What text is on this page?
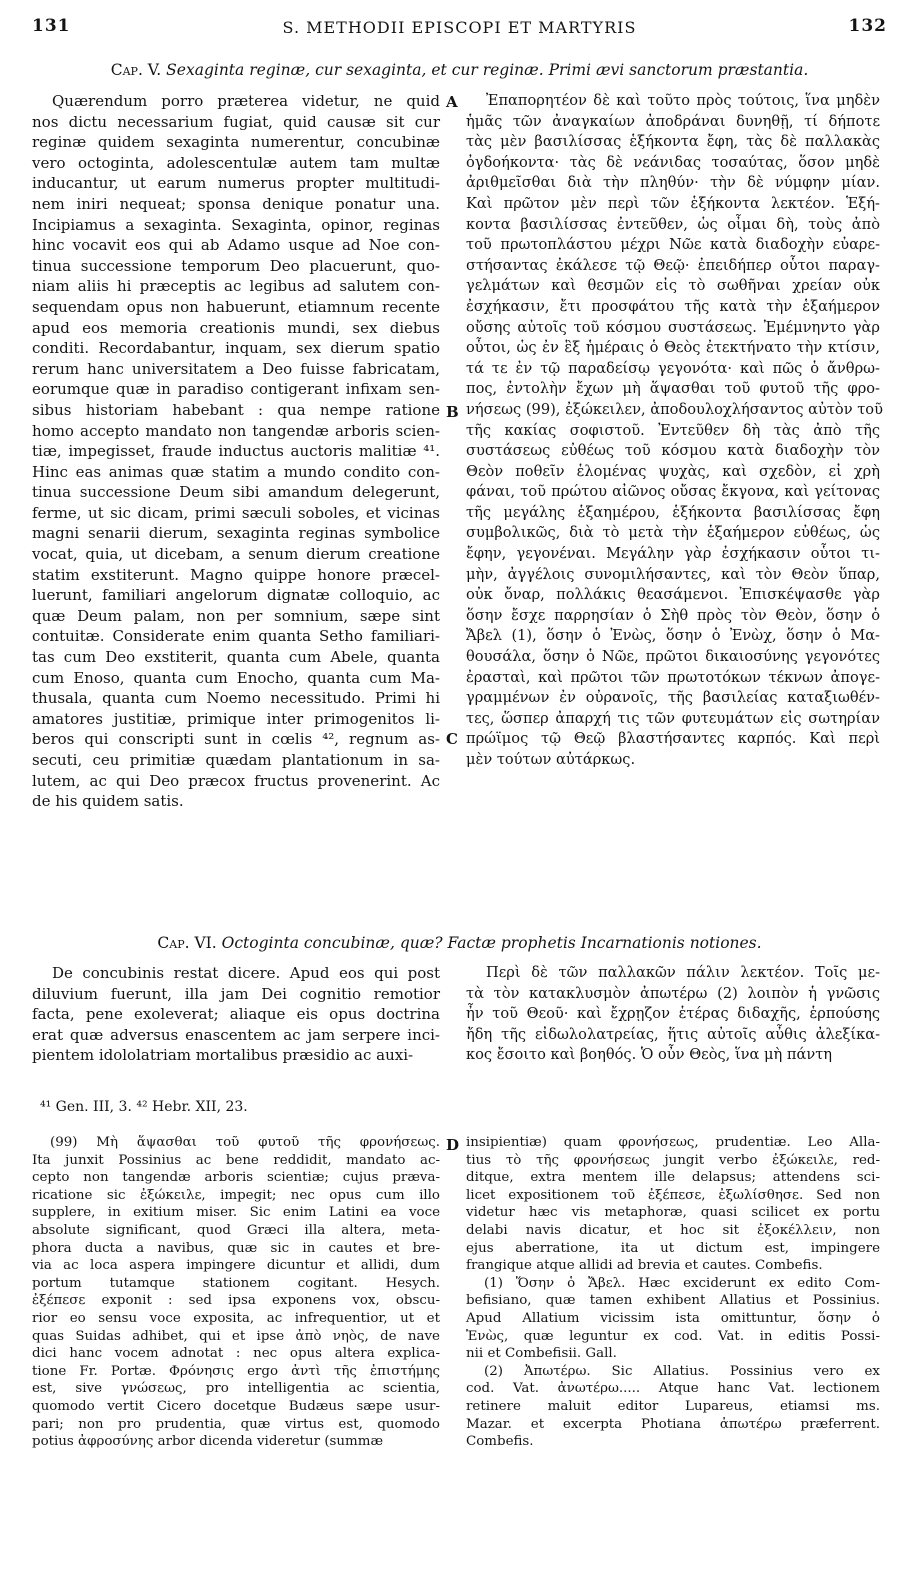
131	S. METHODII EPISCOPI ET MARTYRIS	132
Cap. V. Sexaginta reginæ, cur sexaginta, et cur reginæ. Primi ævi sanctorum præstantia.
Quærendum porro præterea videtur, ne quid
nos dictu necessarium fugiat, quid causæ sit cur
reginæ quidem sexaginta numerentur, concubinæ
vero octoginta, adolescentulæ autem tam multæ
inducantur, ut earum numerus propter multitudi-
nem iniri nequeat; sponsa denique ponatur una.
Incipiamus a sexaginta. Sexaginta, opinor, reginas
hinc vocavit eos qui ab Adamo usque ad Noe con-
tinua successione temporum Deo placuerunt, quo-
niam aliis hi præceptis ac legibus ad salutem con-
sequendam opus non habuerunt, etiamnum recente
apud eos memoria creationis mundi, sex diebus
conditi. Recordabantur, inquam, sex dierum spatio
rerum hanc universitatem a Deo fuisse fabricatam,
eorumque quæ in paradiso contigerant infixam sen-
sibus historiam habebant : qua nempe ratione
homo accepto mandato non tangendæ arboris scien-
tiæ, impegisset, fraude inductus auctoris malitiæ ⁴¹.
Hinc eas animas quæ statim a mundo condito con-
tinua successione Deum sibi amandum delegerunt,
ferme, ut sic dicam, primi sæculi soboles, et vicinas
magni senarii dierum, sexaginta reginas symbolice
vocat, quia, ut dicebam, a senum dierum creatione
statim exstiterunt. Magno quippe honore præcel-
luerunt, familiari angelorum dignatæ colloquio, ac
quæ Deum palam, non per somnium, sæpe sint
contuitæ. Considerate enim quanta Setho familiari-
tas cum Deo exstiterit, quanta cum Abele, quanta
cum Enoso, quanta cum Enocho, quanta cum Ma-
thusala, quanta cum Noemo necessitudo. Primi hi
amatores justitiæ, primique inter primogenitos li-
beros qui conscripti sunt in cœlis ⁴², regnum as-
secuti, ceu primitiæ quædam plantationum in sa-
lutem, ac qui Deo præcox fructus provenerint. Ac
de his quidem satis.
Ἐπαπορητέον δὲ καὶ τοῦτο πρὸς τούτοις, ἵνα μηδὲν
ἡμᾶς τῶν ἀναγκαίων ἀποδράναι δυνηθῇ, τί δήποτε
τὰς μὲν βασιλίσσας ἑξήκοντα ἔφη, τὰς δὲ παλλακὰς
ὀγδοήκοντα· τὰς δὲ νεάνιδας τοσαύτας, ὅσον μηδὲ
ἀριθμεῖσθαι διὰ τὴν πληθύν· τὴν δὲ νύμφην μίαν.
Καὶ πρῶτον μὲν περὶ τῶν ἑξήκοντα λεκτέον. Ἑξή-
κοντα βασιλίσσας ἐντεῦθεν, ὡς οἶμαι δὴ, τοὺς ἀπὸ
τοῦ πρωτοπλάστου μέχρι Νῶε κατὰ διαδοχὴν εὐαρε-
στήσαντας ἐκάλεσε τῷ Θεῷ· ἐπειδήπερ οὗτοι παραγ-
γελμάτων καὶ θεσμῶν εἰς τὸ σωθῆναι χρείαν οὐκ
ἐσχήκασιν, ἔτι προσφάτου τῆς κατὰ τὴν ἑξαήμερον
οὔσης αὐτοῖς τοῦ κόσμου συστάσεως. Ἐμέμνηντο γὰρ
οὗτοι, ὡς ἐν ἓξ ἡμέραις ὁ Θεὸς ἐτεκτήνατο τὴν κτίσιν,
τά τε ἐν τῷ παραδείσῳ γεγονότα· καὶ πῶς ὁ ἄνθρω-
πος, ἐντολὴν ἔχων μὴ ἅψασθαι τοῦ φυτοῦ τῆς φρο-
νήσεως (99), ἐξώκειλεν, ἀποδουλοχλήσαντος αὐτὸν τοῦ
τῆς κακίας σοφιστοῦ. Ἐντεῦθεν δὴ τὰς ἀπὸ τῆς
συστάσεως εὐθέως τοῦ κόσμου κατὰ διαδοχὴν τὸν
Θεὸν ποθεῖν ἑλομένας ψυχὰς, καὶ σχεδὸν, εἰ χρὴ
φάναι, τοῦ πρώτου αἰῶνος οὔσας ἔκγονα, καὶ γείτονας
τῆς μεγάλης ἑξαημέρου, ἑξήκοντα βασιλίσσας ἔφη
συμβολικῶς, διὰ τὸ μετὰ τὴν ἑξαήμερον εὐθέως, ὡς
ἔφην, γεγονέναι. Μεγάλην γὰρ ἐσχήκασιν οὗτοι τι-
μὴν, ἀγγέλοις συνομιλήσαντες, καὶ τὸν Θεὸν ὕπαρ,
οὐκ ὄναρ, πολλάκις θεασάμενοι. Ἐπισκέψασθε γὰρ
ὅσην ἔσχε παρρησίαν ὁ Σὴθ πρὸς τὸν Θεὸν, ὅσην ὁ
Ἄβελ (1), ὅσην ὁ Ἐνὼς, ὅσην ὁ Ἐνὼχ, ὅσην ὁ Μα-
θουσάλα, ὅσην ὁ Νῶε, πρῶτοι δικαιοσύνης γεγονότες
ἐρασταὶ, καὶ πρῶτοι τῶν πρωτοτόκων τέκνων ἀπογε-
γραμμένων ἐν οὐρανοῖς, τῆς βασιλείας καταξιωθέν-
τες, ὥσπερ ἀπαρχή τις τῶν φυτευμάτων εἰς σωτηρίαν
πρώϊμος τῷ Θεῷ βλαστήσαντες καρπός. Καὶ περὶ
μὲν τούτων αὐτάρκως.
A
B
C
D
Cap. VI. Octoginta concubinæ, quæ? Factæ prophetis Incarnationis notiones.
De concubinis restat dicere. Apud eos qui post
diluvium fuerunt, illa jam Dei cognitio remotior
facta, pene exoleverat; aliaque eis opus doctrina
erat quæ adversus enascentem ac jam serpere inci-
pientem idololatriam mortalibus præsidio ac auxi-
Περὶ δὲ τῶν παλλακῶν πάλιν λεκτέον. Τοῖς με-
τὰ τὸν κατακλυσμὸν ἀπωτέρω (2) λοιπὸν ἡ γνῶσις
ἦν τοῦ Θεοῦ· καὶ ἔχρῃζον ἑτέρας διδαχῆς, ἑρπούσης
ἤδη τῆς εἰδωλολατρείας, ἥτις αὐτοῖς αὖθις ἀλεξίκα-
κος ἔσοιτο καὶ βοηθός. Ὁ οὖν Θεὸς, ἵνα μὴ πάντη
⁴¹ Gen. III, 3. ⁴² Hebr. XII, 23.
(99) Μὴ ἅψασθαι τοῦ φυτοῦ τῆς φρονήσεως.
Ita junxit Possinius ac bene reddidit, mandato ac-
cepto non tangendæ arboris scientiæ; cujus præva-
ricatione sic ἐξώκειλε, impegit; nec opus cum illo
supplere, in exitium miser. Sic enim Latini ea voce
absolute significant, quod Græci illa altera, meta-
phora ducta a navibus, quæ sic in cautes et bre-
via ac loca aspera impingere dicuntur et allidi, dum
portum tutamque stationem cogitant. Hesych.
ἐξέπεσε exponit : sed ipsa exponens vox, obscu-
rior eo sensu voce exposita, ac infrequentior, ut et
quas Suidas adhibet, qui et ipse ἀπὸ νηὸς, de nave
dici hanc vocem adnotat : nec opus altera explica-
tione Fr. Portæ. Φρόνησις ergo ἀντὶ τῆς ἐπιστήμης
est, sive γνώσεως, pro intelligentia ac scientia,
quomodo vertit Cicero docetque Budæus sæpe usur-
pari; non pro prudentia, quæ virtus est, quomodo
potius ἀφροσύνης arbor dicenda videretur (summæ
insipientiæ) quam φρονήσεως, prudentiæ. Leo Alla-
tius τὸ τῆς φρονήσεως jungit verbo ἐξώκειλε, red-
ditque, extra mentem ille delapsus; attendens sci-
licet expositionem τοῦ ἐξέπεσε, ἐξωλίσθησε. Sed non
videtur hæc vis metaphoræ, quasi scilicet ex portu
delabi navis dicatur, et hoc sit ἐξοκέλλειν, non
ejus aberratione, ita ut dictum est, impingere
frangique atque allidi ad brevia et cautes. Combefis.
(1) Ὅσην ὁ Ἄβελ. Hæc exciderunt ex edito Com-
befisiano, quæ tamen exhibent Allatius et Possinius.
Apud Allatium vicissim ista omittuntur, ὅσην ὁ
Ἐνὼς, quæ leguntur ex cod. Vat. in editis Possi-
nii et Combefisii. Gall.
(2) Ἀπωτέρω. Sic Allatius. Possinius vero ex
cod. Vat. ἀνωτέρω..... Atque hanc Vat. lectionem
retinere maluit editor Lupareus, etiamsi ms.
Mazar. et excerpta Photiana ἀπωτέρω præferrent.
Combefis.
